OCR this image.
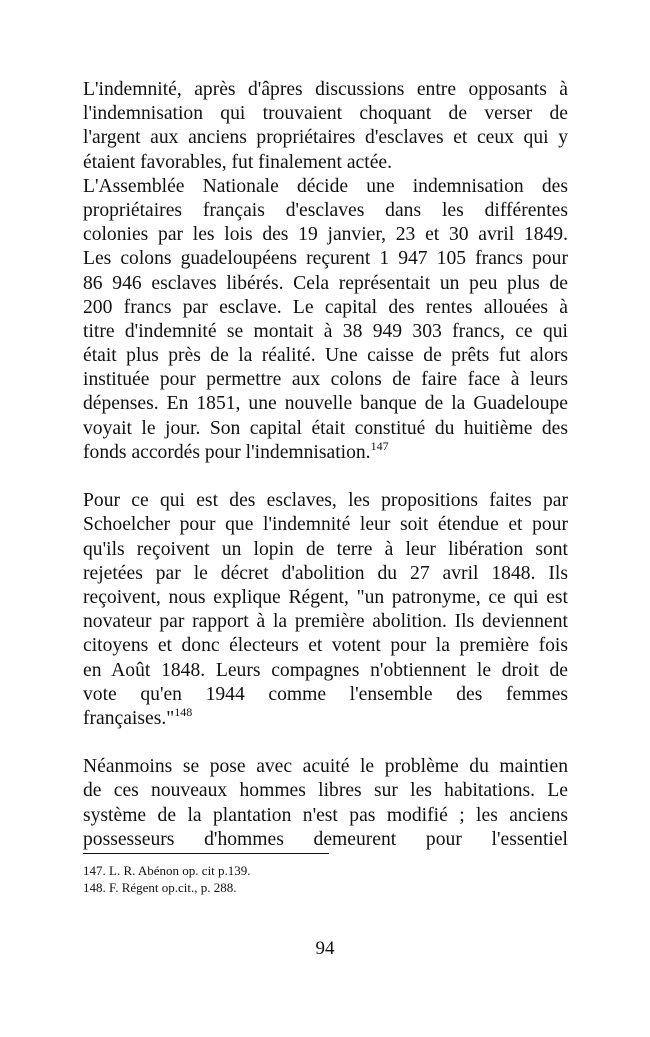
L'indemnité, après d'âpres discussions entre opposants à
l'indemnisation qui trouvaient choquant de verser de
l'argent aux anciens propriétaires d'esclaves et ceux qui y
étaient favorables, fut finalement actée.
L'Assemblée Nationale décide une indemnisation des
propriétaires français d'esclaves dans les différentes
colonies par les lois des 19 janvier, 23 et 30 avril 1849.
Les colons guadeloupéens reçurent 1 947 105 francs pour
86 946 esclaves libérés. Cela représentait un peu plus de
200 francs par esclave. Le capital des rentes allouées à
titre d'indemnité se montait à 38 949 303 francs, ce qui
était plus près de la réalité. Une caisse de prêts fut alors
instituée pour permettre aux colons de faire face à leurs
dépenses. En 1851, une nouvelle banque de la Guadeloupe
voyait le jour. Son capital était constitué du huitième des
fonds accordés pour l'indemnisation.$^{147}$
Pour ce qui est des esclaves, les propositions faites par
Schoelcher pour que l'indemnité leur soit étendue et pour
qu'ils reçoivent un lopin de terre à leur libération sont
rejetées par le décret d'abolition du 27 avril 1848. Ils
reçoivent, nous explique Régent, "un patronyme, ce qui est
novateur par rapport à la première abolition. Ils deviennent
citoyens et donc électeurs et votent pour la première fois
en Août 1848. Leurs compagnes n'obtiennent le droit de
vote qu'en 1944 comme l'ensemble des femmes
françaises."$^{148}$
Néanmoins se pose avec acuité le problème du maintien
de ces nouveaux hommes libres sur les habitations. Le
système de la plantation n'est pas modifié ; les anciens
possesseurs d'hommes demeurent pour l'essentiel
147. L. R. Abénon op. cit p.139.
148. F. Régent op.cit., p. 288.
94
